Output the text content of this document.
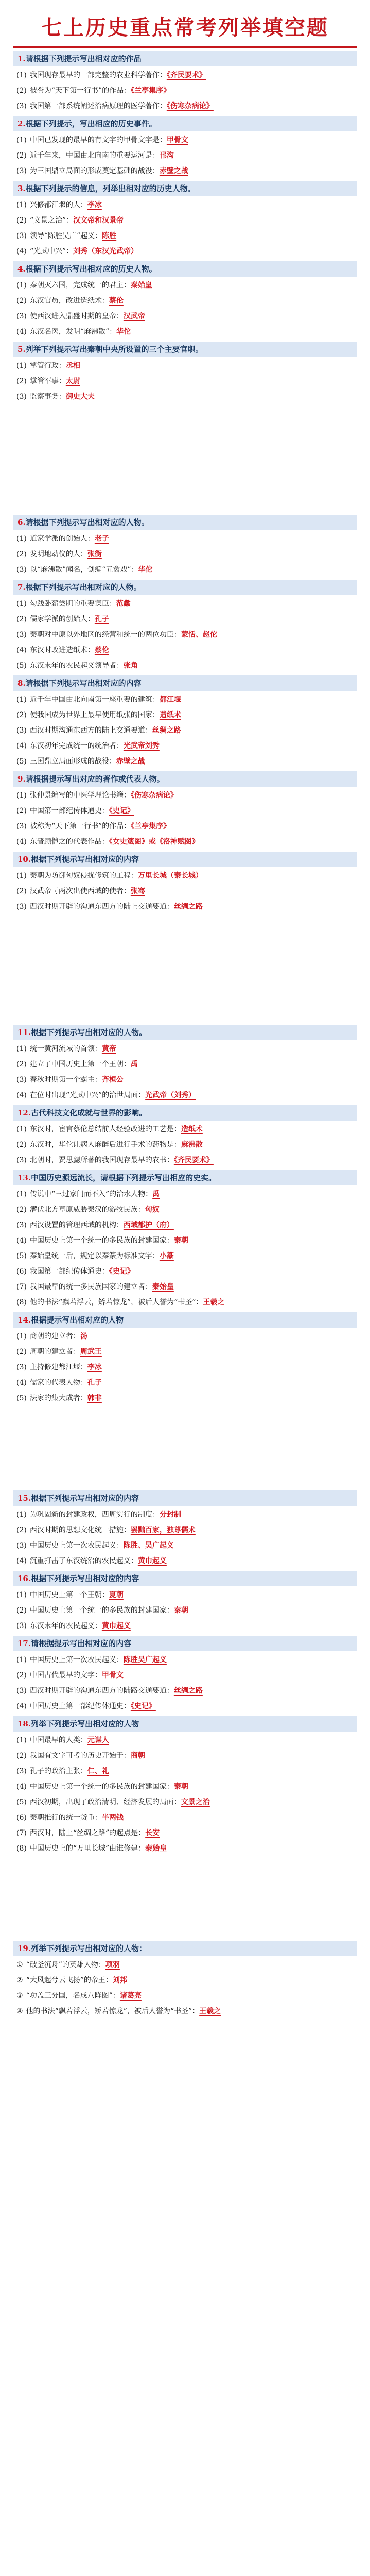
七上历史重点常考列举填空题
1.请根据下列提示写出相对应的作品
(1) 我国现存最早的一部完整的农业科学著作：《齐民要术》
(2) 被誉为“天下第一行书”的作品：《兰亭集序》
(3) 我国第一部系统阐述治病原理的医学著作：《伤寒杂病论》
2.根据下列提示，写出相应的历史事件。
(1) 中国已发现的最早的有文字的甲骨文字是：甲骨文
(2) 近千年来，中国由北向南的重要运河是：邗沟
(3) 为三国鼎立局面的形成奠定基础的战役：赤壁之战
3.根据下列提示的信息，列举出相对应的历史人物。
(1) 兴修都江堰的人：李冰
(2) “文景之治”：汉文帝和汉景帝
(3) 领导“陈胜吴广”起义：陈胜
(4) “光武中兴”：刘秀（东汉光武帝）
4.根据下列提示写出相对应的历史人物。
(1) 秦朝灭六国，完成统一的君主：秦始皇
(2) 东汉官员，改进造纸术：蔡伦
(3) 使西汉进入鼎盛时期的皇帝：汉武帝
(4) 东汉名医，发明“麻沸散”：华佗
5.列举下列提示写出秦朝中央所设置的三个主要官职。
(1) 掌管行政：丞相
(2) 掌管军事：太尉
(3) 监察事务：御史大夫
6.请根据下列提示写出相对应的人物。
(1) 道家学派的创始人：老子
(2) 发明地动仪的人：张衡
(3) 以“麻沸散”闻名，创编“五禽戏”：华佗
7.根据下列提示写出相对应的人物。
(1) 勾践卧薪尝胆的重要谋臣：范蠡
(2) 儒家学派的创始人：孔子
(3) 秦朝对中原以外地区的经营和统一的两位功臣：蒙恬、赵佗
(4) 东汉时改进造纸术：蔡伦
(5) 东汉末年的农民起义领导者：张角
8.请根据下列提示写出相对应的内容
(1) 近千年中国由北向南第一座重要的建筑：都江堰
(2) 使我国成为世界上最早使用纸张的国家：造纸术
(3) 西汉时期沟通东西方的陆上交通要道：丝绸之路
(4) 东汉初年完成统一的统治者：光武帝刘秀
(5) 三国鼎立局面形成的战役：赤壁之战
9.请根据提示写出对应的著作或代表人物。
(1) 张仲景编写的中医学理论书籍：《伤寒杂病论》
(2) 中国第一部纪传体通史：《史记》
(3) 被称为“天下第一行书”的作品：《兰亭集序》
(4) 东晋顾恺之的代表作品：《女史箴图》或《洛神赋图》
10.根据下列提示写出相对应的内容
(1) 秦朝为防御匈奴侵扰修筑的工程：万里长城（秦长城）
(2) 汉武帝时两次出使西域的使者：张骞
(3) 西汉时期开辟的沟通东西方的陆上交通要道：丝绸之路
11.根据下列提示写出相对应的人物。
(1) 统一黄河流域的首领：黄帝
(2) 建立了中国历史上第一个王朝：禹
(3) 春秋时期第一个霸主：齐桓公
(4) 在位时出现“光武中兴”的治世局面：光武帝（刘秀）
12.古代科技文化成就与世界的影响。
(1) 东汉时，宦官蔡伦总结前人经验改进的工艺是：造纸术
(2) 东汉时，华佗让病人麻醉后进行手术的药物是：麻沸散
(3) 北朝时，贾思勰所著的我国现存最早的农书：《齐民要术》
13.中国历史源远流长，请根据下列提示写出相应的史实。
(1) 传说中“三过家门而不入”的治水人物：禹
(2) 潜伏北方草原威胁秦汉的游牧民族：匈奴
(3) 西汉设置的管理西域的机构：西域都护（府）
(4) 中国历史上第一个统一的多民族的封建国家：秦朝
(5) 秦始皇统一后，规定以秦篆为标准文字：小篆
(6) 我国第一部纪传体通史：《史记》
(7) 我国最早的统一多民族国家的建立者：秦始皇
(8) 他的书法“飘若浮云，矫若惊龙”，被后人誉为“书圣”：王羲之
14.根据提示写出相对应的人物
(1) 商朝的建立者：汤
(2) 周朝的建立者：周武王
(3) 主持修建都江堰：李冰
(4) 儒家的代表人物：孔子
(5) 法家的集大成者：韩非
15.根据下列提示写出相对应的内容
(1) 为巩固新的封建政权，西周实行的制度：分封制
(2) 西汉时期的思想文化统一措施：罢黜百家，独尊儒术
(3) 中国历史上第一次农民起义：陈胜、吴广起义
(4) 沉重打击了东汉统治的农民起义：黄巾起义
16.根据下列提示写出相对应的内容
(1) 中国历史上第一个王朝：夏朝
(2) 中国历史上第一个统一的多民族的封建国家：秦朝
(3) 东汉末年的农民起义：黄巾起义
17.请根据提示写出相对应的内容
(1) 中国历史上第一次农民起义：陈胜吴广起义
(2) 中国古代最早的文字：甲骨文
(3) 西汉时期开辟的沟通东西方的陆路交通要道：丝绸之路
(4) 中国历史上第一部纪传体通史：《史记》
18.列举下列提示写出相对应的人物
(1) 中国最早的人类：元谋人
(2) 我国有文字可考的历史开始于：商朝
(3) 孔子的政治主张：仁、礼
(4) 中国历史上第一个统一的多民族的封建国家：秦朝
(5) 西汉初期，出现了政治清明、经济发展的局面：文景之治
(6) 秦朝推行的统一货币：半两钱
(7) 西汉时，陆上“丝绸之路”的起点是：长安
(8) 中国历史上的“万里长城”由谁修建：秦始皇
19.列举下列提示写出相对应的人物：
① “破釜沉舟”的英雄人物：项羽
② “大风起兮云飞扬”的帝王：刘邦
③ “功盖三分国，名成八阵图”：诸葛亮
④ 他的书法“飘若浮云，矫若惊龙”，被后人誉为“书圣”：王羲之
